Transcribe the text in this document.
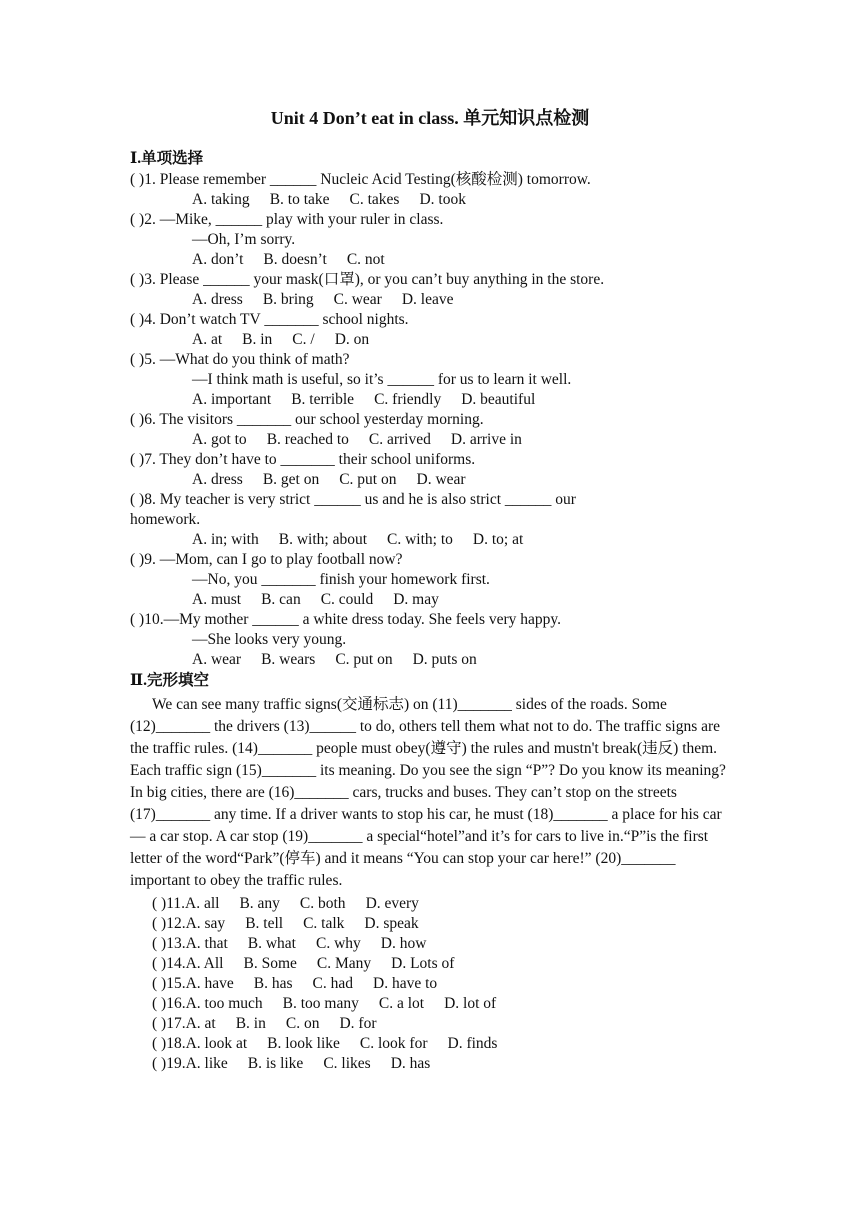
Unit 4 Don’t eat in class. 单元知识点检测
Ⅰ.单项选择
( )1. Please remember ______ Nucleic Acid Testing(核酸检测) tomorrow.
A. taking B. to take C. takes D. took
( )2. —Mike, ______ play with your ruler in class.
—Oh, I’m sorry.
A. don’t B. doesn’t C. not
( )3. Please ______ your mask(口罩), or you can’t buy anything in the store.
A. dress B. bring C. wear D. leave
( )4. Don’t watch TV _______ school nights.
A. at B. in C. / D. on
( )5. —What do you think of math?
—I think math is useful, so it’s ______ for us to learn it well.
A. important B. terrible C. friendly D. beautiful
( )6. The visitors _______ our school yesterday morning.
A. got to B. reached to C. arrived D. arrive in
( )7. They don’t have to _______ their school uniforms.
A. dress B. get on C. put on D. wear
( )8. My teacher is very strict ______ us and he is also strict ______ our
homework.
A. in; with B. with; about C. with; to D. to; at
( )9. —Mom, can I go to play football now?
—No, you _______ finish your homework first.
A. must B. can C. could D. may
( )10.—My mother ______ a white dress today. She feels very happy.
—She looks very young.
A. wear B. wears C. put on D. puts on
Ⅱ.完形填空
We can see many traffic signs(交通标志) on (11)_______ sides of the roads. Some (12)_______ the drivers (13)______ to do, others tell them what not to do. The traffic signs are the traffic rules. (14)_______ people must obey(遵守) the rules and mustn't break(违反) them. Each traffic sign (15)_______ its meaning. Do you see the sign “P”? Do you know its meaning? In big cities, there are (16)_______ cars, trucks and buses. They can’t stop on the streets (17)_______ any time. If a driver wants to stop his car, he must (18)_______ a place for his car — a car stop. A car stop (19)_______ a special“hotel”and it’s for cars to live in.“P”is the first letter of the word“Park”(停车) and it means “You can stop your car here!” (20)_______ important to obey the traffic rules.
( )11.A. all B. any C. both D. every
( )12.A. say B. tell C. talk D. speak
( )13.A. that B. what C. why D. how
( )14.A. All B. Some C. Many D. Lots of
( )15.A. have B. has C. had D. have to
( )16.A. too much B. too many C. a lot D. lot of
( )17.A. at B. in C. on D. for
( )18.A. look at B. look like C. look for D. finds
( )19.A. like B. is like C. likes D. has
